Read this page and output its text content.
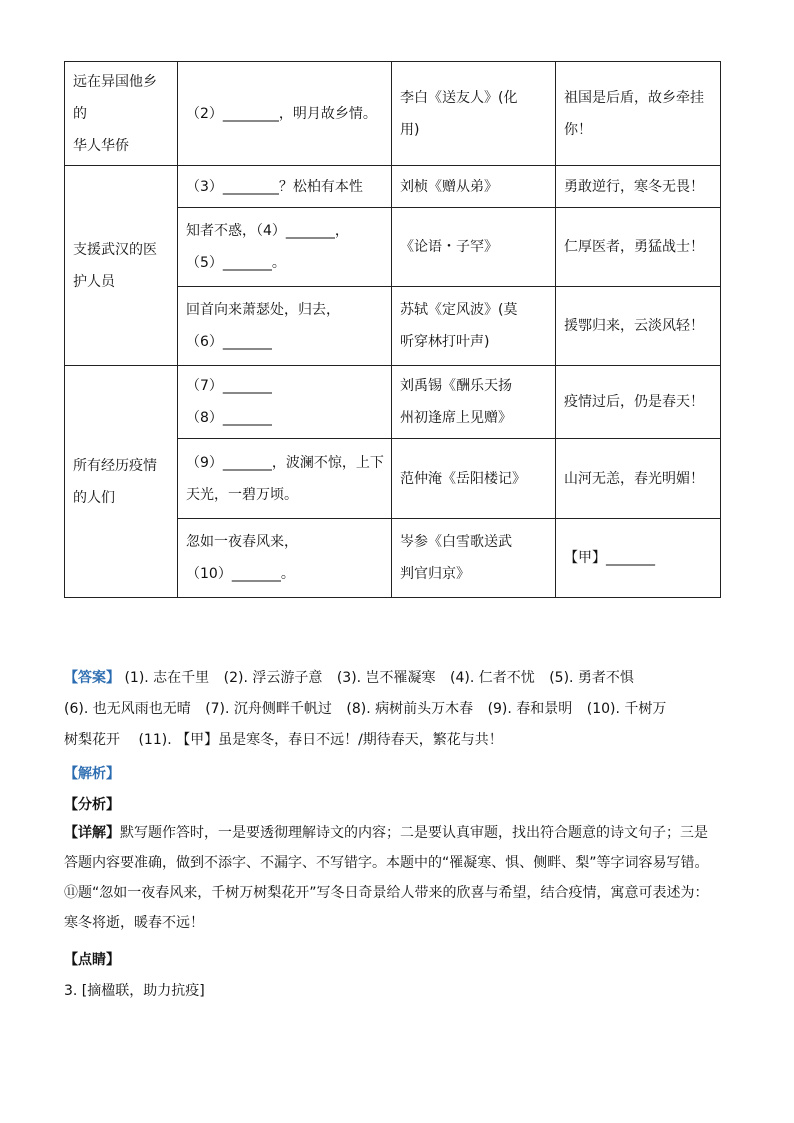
远在异国他乡
的
华人华侨	（2）________，明月故乡情。	李白《送友人》(化
用)	祖国是后盾，故乡牵挂
你！

支援武汉的医
护人员	（3）________？松柏有本性	刘桢《赠从弟》	勇敢逆行，寒冬无畏！

	知者不惑，（4）_______，
（5）_______。	《论语・子罕》	仁厚医者，勇猛战士！

	回首向来萧瑟处，归去，
（6）_______	苏轼《定风波》(莫
听穿林打叶声)	援鄂归来，云淡风轻！

所有经历疫情
的人们	（7）_______
（8）_______	刘禹锡《酬乐天扬
州初逢席上见赠》	疫情过后，仍是春天！

	（9）_______，波澜不惊，上下
天光，一碧万顷。	范仲淹《岳阳楼记》	山河无恙，春光明媚！

	忽如一夜春风来，
（10）_______。	岑参《白雪歌送武
判官归京》	【甲】_______
【答案】 (1). 志在千里 (2). 浮云游子意 (3). 岂不罹凝寒 (4). 仁者不忧 (5). 勇者不惧
(6). 也无风雨也无晴 (7). 沉舟侧畔千帆过 (8). 病树前头万木春 (9). 春和景明 (10). 千树万
树梨花开　 (11). 【甲】虽是寒冬，春日不远！/期待春天，繁花与共！
【解析】
【分析】
【详解】默写题作答时，一是要透彻理解诗文的内容；二是要认真审题，找出符合题意的诗文句子；三是
答题内容要准确，做到不添字、不漏字、不写错字。本题中的“罹凝寒、惧、侧畔、梨”等字词容易写错。
⑪题“忽如一夜春风来，千树万树梨花开”写冬日奇景给人带来的欣喜与希望，结合疫情，寓意可表述为：
寒冬将逝，暖春不远！
【点睛】
3. [摘楹联，助力抗疫]
